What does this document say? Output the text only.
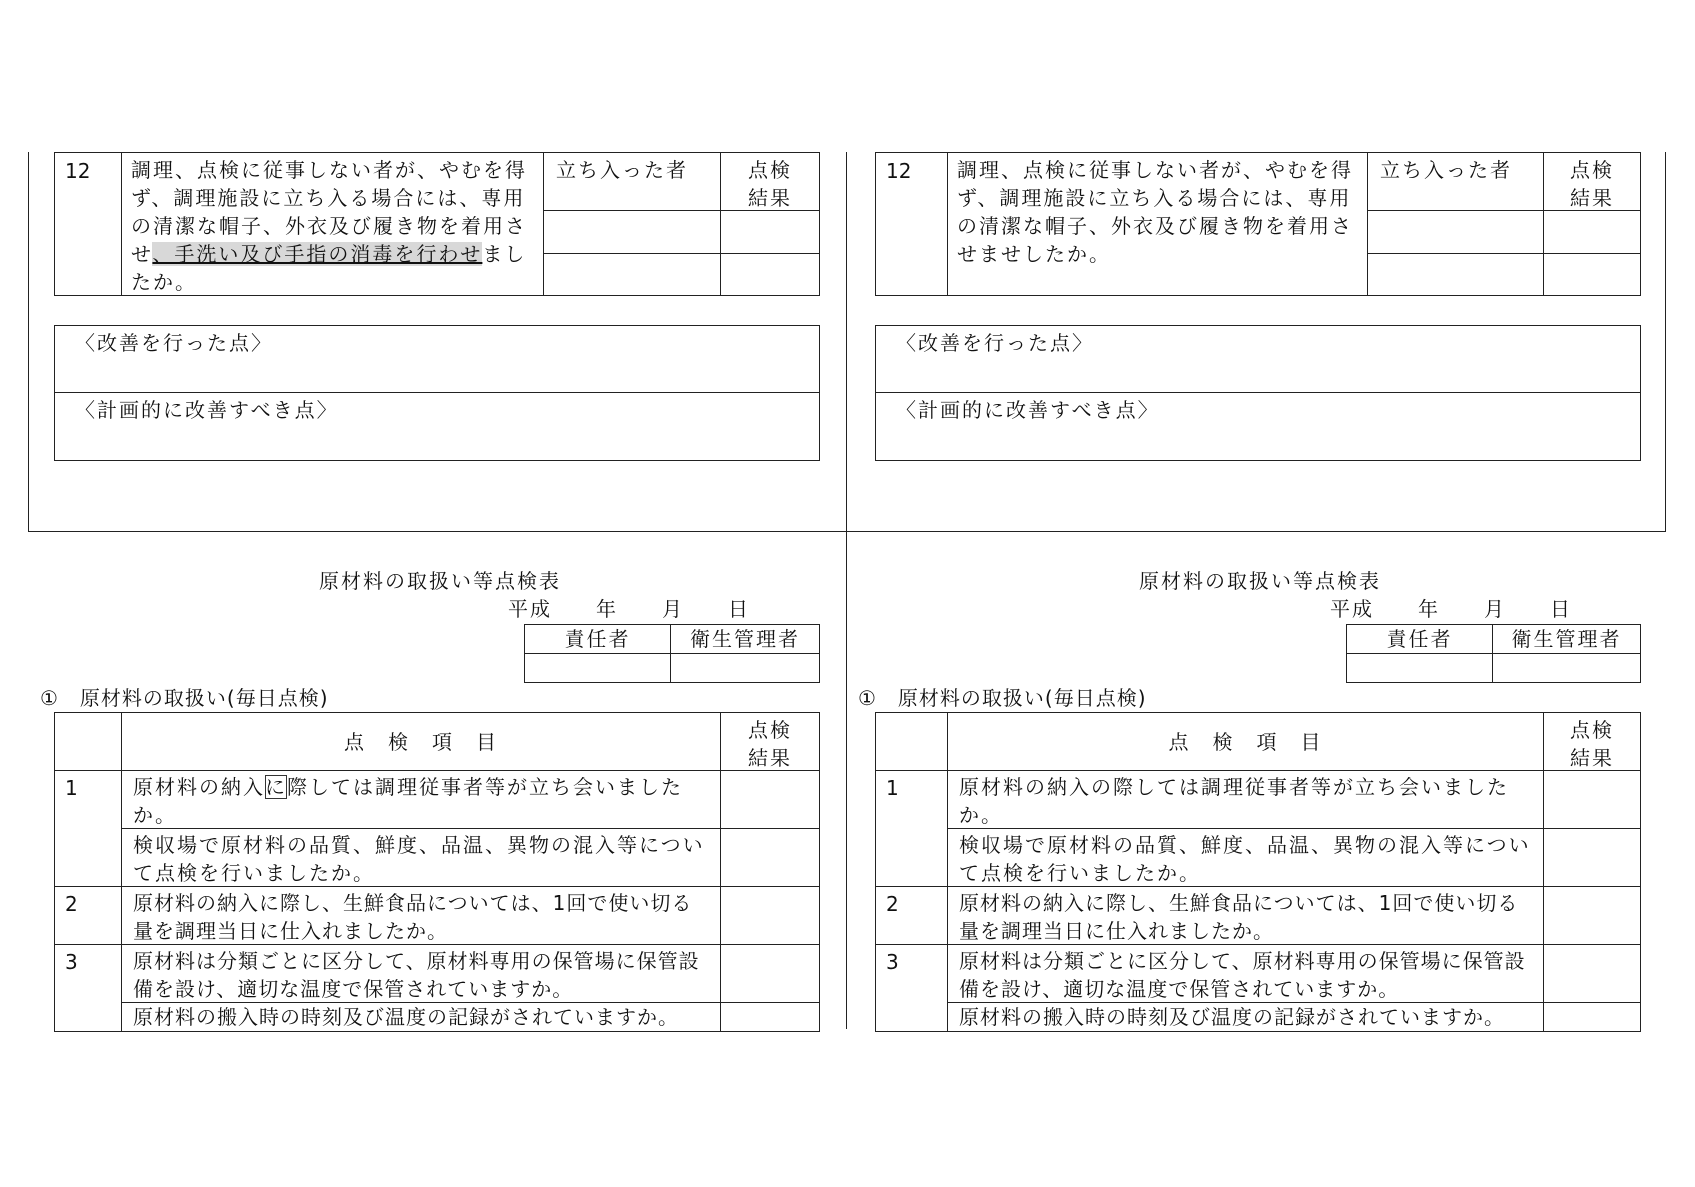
12	調理、点検に従事しない者が、やむを得ず、調理施設に立ち入る場合には、専用の清潔な帽子、外衣及び履き物を着用させ、手洗い及び手指の消毒を行わせましたか。
立ち入った者	点検結果
〈改善を行った点〉
〈計画的に改善すべき点〉
原材料の取扱い等点検表
平成　　年　　月　　日
責任者	衛生管理者
①　原材料の取扱い(毎日点検)
点　検　項　目	点検結果
1	原材料の納入に際しては調理従事者等が立ち会いましたか。
検収場で原材料の品質、鮮度、品温、異物の混入等について点検を行いましたか。
2	原材料の納入に際し、生鮮食品については、1回で使い切る量を調理当日に仕入れましたか。
3	原材料は分類ごとに区分して、原材料専用の保管場に保管設備を設け、適切な温度で保管されていますか。
原材料の搬入時の時刻及び温度の記録がされていますか。
12	調理、点検に従事しない者が、やむを得ず、調理施設に立ち入る場合には、専用の清潔な帽子、外衣及び履き物を着用させませしたか。
立ち入った者	点検結果
〈改善を行った点〉
〈計画的に改善すべき点〉
原材料の取扱い等点検表
平成　　年　　月　　日
責任者	衛生管理者
①　原材料の取扱い(毎日点検)
点　検　項　目	点検結果
1	原材料の納入の際しては調理従事者等が立ち会いましたか。
検収場で原材料の品質、鮮度、品温、異物の混入等について点検を行いましたか。
2	原材料の納入に際し、生鮮食品については、1回で使い切る量を調理当日に仕入れましたか。
3	原材料は分類ごとに区分して、原材料専用の保管場に保管設備を設け、適切な温度で保管されていますか。
原材料の搬入時の時刻及び温度の記録がされていますか。
